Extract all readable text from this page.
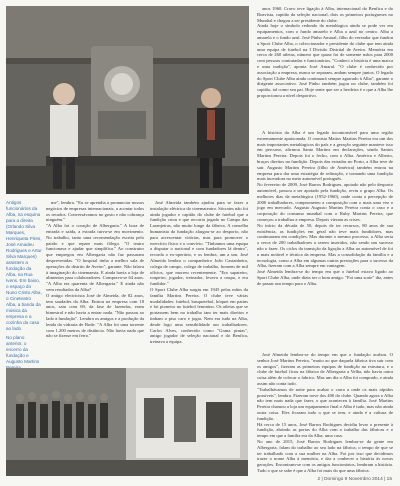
Antigos funcionários da Alba, na esquina para a direita (Orlando Silva Marques, Henriqueta Pires, José Amadeu Rodrigues e Artur Silva Marques) assistem a fundação da Alba, na Rua Ivens. Em baixo, o espaço do Nuno Cristo Alba, o Cineteatro Alba, a banda da música da empresa e a cozinha da casa ao lado

No plano anterior, o encerro da fundação e Augusto Martins

me", lembra. "Eu se aprendia a pronunciar nossos negócios de empresas internacionais, a acontar todos os recados. Conversávamos no gosto e não cobrança ninguém."
"A Alba foi o coração de Albergaria." A hora de entrada e saída, a estrada turva-se em movimento. No trabalho, tanto uma recomendação escrita pelo patrão e que repare mais fôlego. "O teatro funcionava e ajudar que simplifica." Ao construtor que empregou em Albergaria não faz passaram desprevenidas. "O hospital tinha a melhor sala de operações do distrito de Aveiro", garante. Não falava à imaginação do cinemaesta. E ainda havia a loja de alimentos para colaboradores. Comprava-se 64 anos. "A Alba era quarenta de Albergaria." E ainda não vem resultados da Alba?
O antigo electricista José de Almeida, de 82 anos, tem saudades da Alba. Entrou na empresa com 18 anos, saiu com 69, da fase de fazendas, eram bimestral e não havia a entrar nada. "Não passou ao lado à fundação". Lembra os amigos e a produção da lenda da vidraria de Bode. "A Alba foi uma torrente com 1.200 metros de distância. Não havia nada que não se fizesse em ferro."

José Almeida também ajudou para se fazer a instalação eléctrica do cinemateatro. Sócrates não foi ainda jogador e capitão do clube de futebol que a fundição criou e que recorria jogado no Campo das Laranjeiras, não muito longe da fábrica. A conselha humanista da fundação alargou-se ao desporto, não para acrescentar vitórias, mas para promover o exercício físico e o convívio. "Tínhamos uma equipa a disputar o nacional e com fundadores lá dentro", recorda o ex-operário, e os lembra, um a um. José Almeida lembra o companheiro João Castanheira, colega de campo, colega de trabalho, homem de mil ofícios, que morreu recentemente. "Era sapateiro, roupeiro, jogador, treinador, levava a roupa, e era fundidor."
O Sport Clube Alba surgiu em 1945 pelas mãos da família Martins Pereira. O clube teve várias modalidades: futebol, basquetebol, hóquei em patins e foi pioneiro no futebol feminino. Os atletas que se portassem bem no trabalho iam ter mais direitos e tinham o piso caro e jogar. Nem era tudo na Alba, desde logo uma sensibilidade aos trabalhadores. Carlos Alves, conhecido como "Grana pintas", antigo jogador de seleção nacional e do Benfica, treinava a equipa.

anos 1960. Cravo teve ligação à Alba, internacional do Benfica e do Boavista, capitão da seleção nacional, dois os primeiros portugueses no Mundial e chegou a ser presidente do clube.
Ainda hoje o símbolo redondo da metalúrgica ainda se pode ver em equipamentos, com o fundo amarelo e Alba a azul no centro. Alba a amarelo e o fundo azul. José Pinho Amaral, filho do vereador que fundou a Sport Clube Alba, o coleccionador e presidente do clube que tem ainda uma equipa de futebol na I Divisão Distrital de Aveiro. Memória em cerca de 260 atletas, número que quase foi de somente mãos para 2000 com pessoas contratadas e funcionários. "Conheci a história é uma marca e uma tradição", aponta José Amaral. "O clube é conhecido por associação a empresa, nunca se separam, andam sempre juntos. O legado do Sport Clube Alba ainda continuará sempre agarrado à Alba", garante o dirigente associativo. José Pinho também jogou no clube, também foi capitão, tal como seu pai. Hoje sente que ser a herdeira é o que a Alba lhe proporcionou a nível desportivo.

A história da Alba é um legado incontornável para uma região extremamente apaixonada. O cronista Mattos Martins Pereira era um dos mais importantes metalúrgicos do país e a geração seguinte manteve isso em percurso, afirmou Santo Martins em declarações, sendo Santos Martins Pereira. Depois foi o fecho, com o Alba. América e Alberto, braços direitos na fundição. Depois das estradas no Porto, a Alba teve de sair. Augusto Martins Pereira (filho de América) também entrou na empresa para dar uma estratégia de refinação, e tornando uma fundição mais inovadora no meio automóvel português.
No fevereiro de 2009, José Barros Rodrigues, apoiado não pelo desporto automóvel, passou a ser apoiado pela fundição, reviu o grupo Alba. Os melhores dias da metalúrgica (1952-1960), onde conta a percepção de 2000 trabalhadores, comprometeu a composição com o mais uma vez o jogo em mercado. Augusto Augusto Martins Pereira conta o caso e a corporação do consumo mundial com o Ruby Martins Pereira, que começou a trabalhar a empresa. Depois vieram as crises.
No início da década de 50, depois de ter recursos, 80 anos de sua existência, as fundições em geral não teve mais fundidores, mas continuaram em condições. Mas durante o mesmo processo, a Alba seria a cerca de 200 trabalhadores a serem inseridos, não sendo um sucesso não o fazer. Os ciclos da transição da ligação a Alba ao automóvel de foi a mais notável e técnica da empresa. Mas a consolidação da família e a tecnologia, como a Alba em algumas outras prestações para o sucesso da Alba, fizeram com a Alba sempre em vantagem.
José Almeida lembra-se do tempo em que o futebol estava ligado ao Sport Clube Alba, onde dizia ser o bom amigo. "Foi uma sorte" diz, antes de passar um tempo para o Alba.

José Almeida lembra-se do tempo em que o fundação acabou. O senhor José Martins Pereira, "muito ao que daquela fábrica tiva sair com os amigos", fizeram as primeiras equipas de fundição na estrutura, e o clube de futebol ficou na fábrica de Albergaria a Velha, não havia outra coisa além de colocar o fabrico. Mas um dia o Alba foi comprado, e ainda assim não conta tudo.
"Trabalhávamos de noite para acabar o carro a onde os mais rápidos possíveis", lembra. Fizeram nove dos 400 do clube. Quando agora o Alba não tem mais nada que fazer, o que aconteceu à família. José Martins Pereira chamou a loja um equipamento final o Alba é tudo, mas não ainda outra coisa. Eles ficaram tudo o que se tem, e ainda é a cultura de fundição.
Há cerca de 15 anos, José Barros Rodrigues decidiu levar o presente à fundição, abrindo as portas do Alba com o trabalho das fábricas e o tempo em que a família era da Alba, uma casa.
No ano de 2015, José Barros Rodrigues lembra-se da gente em Albergaria, falam do trabalho ao seu lado na fábrica, o tempo de que se ter trabalhado com a sua mulher na Alba. Foi por isso que decidimos trazer o nome Alba à memória, e dar a conhecer a história às novas gerações. Encontram-se com os antigos funcionários, lembram a história. Tudo o que se sabe é que a Alba foi mais do que uma fábrica.

2 | Domingo 9 Novembro 2014 | 15
